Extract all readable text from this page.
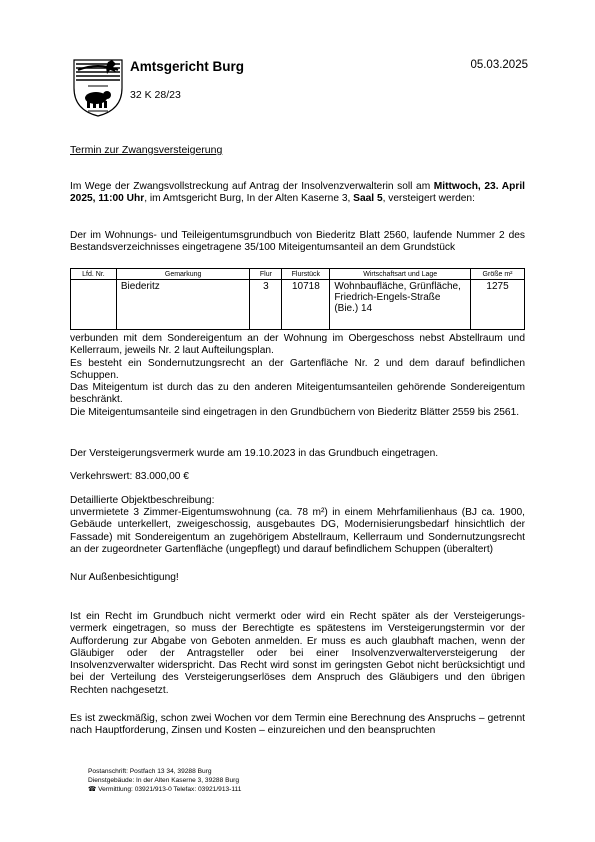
Amtsgericht Burg
32 K 28/23
05.03.2025
Termin zur Zwangsversteigerung
Im Wege der Zwangsvollstreckung auf Antrag der Insolvenzverwalterin soll am Mittwoch, 23. April 2025, 11:00 Uhr, im Amtsgericht Burg, In der Alten Kaserne 3, Saal 5, versteigert werden:
Der im Wohnungs- und Teileigentumsgrundbuch von Biederitz Blatt 2560, laufende Nummer 2 des Bestandsverzeichnisses eingetragene 35/100 Miteigentumsanteil an dem Grundstück
Lfd. Nr.	Gemarkung	Flur	Flurstück	Wirtschaftsart und Lage	Größe m²
	Biederitz	3	10718	Wohnbaufläche, Grünfläche, Friedrich-Engels-Straße (Bie.) 14	1275
verbunden mit dem Sondereigentum an der Wohnung im Obergeschoss nebst Abstellraum und Kellerraum, jeweils Nr. 2 laut Aufteilungsplan.
Es besteht ein Sondernutzungsrecht an der Gartenfläche Nr. 2 und dem darauf befindlichen Schuppen.
Das Miteigentum ist durch das zu den anderen Miteigentumsanteilen gehörende Sondereigentum beschränkt.
Die Miteigentumsanteile sind eingetragen in den Grundbüchern von Biederitz Blätter 2559 bis 2561.
Der Versteigerungsvermerk wurde am 19.10.2023 in das Grundbuch eingetragen.
Verkehrswert: 83.000,00 €
Detaillierte Objektbeschreibung:
unvermietete 3 Zimmer-Eigentumswohnung (ca. 78 m²) in einem Mehrfamilienhaus (BJ ca. 1900, Gebäude unterkellert, zweigeschossig, ausgebautes DG, Modernisierungsbedarf hinsichtlich der Fassade) mit Sondereigentum an zugehörigem Abstellraum, Kellerraum und Sondernutzungsrecht an der zugeordneter Gartenfläche (ungepflegt) und darauf befindlichem Schuppen (überaltert)
Nur Außenbesichtigung!
Ist ein Recht im Grundbuch nicht vermerkt oder wird ein Recht später als der Versteigerungs-vermerk eingetragen, so muss der Berechtigte es spätestens im Versteigerungstermin vor der Aufforderung zur Abgabe von Geboten anmelden. Er muss es auch glaubhaft machen, wenn der Gläubiger oder der Antragsteller oder bei einer Insolvenzverwalterversteigerung der Insolvenzverwalter widerspricht. Das Recht wird sonst im geringsten Gebot nicht berücksichtigt und bei der Verteilung des Versteigerungserlöses dem Anspruch des Gläubigers und den übrigen Rechten nachgesetzt.
Es ist zweckmäßig, schon zwei Wochen vor dem Termin eine Berechnung des Anspruchs – getrennt nach Hauptforderung, Zinsen und Kosten – einzureichen und den beanspruchten
Postanschrift: Postfach 13 34, 39288 Burg
Dienstgebäude: In der Alten Kaserne 3, 39288 Burg
☎ Vermittlung: 03921/913-0 Telefax: 03921/913-111
